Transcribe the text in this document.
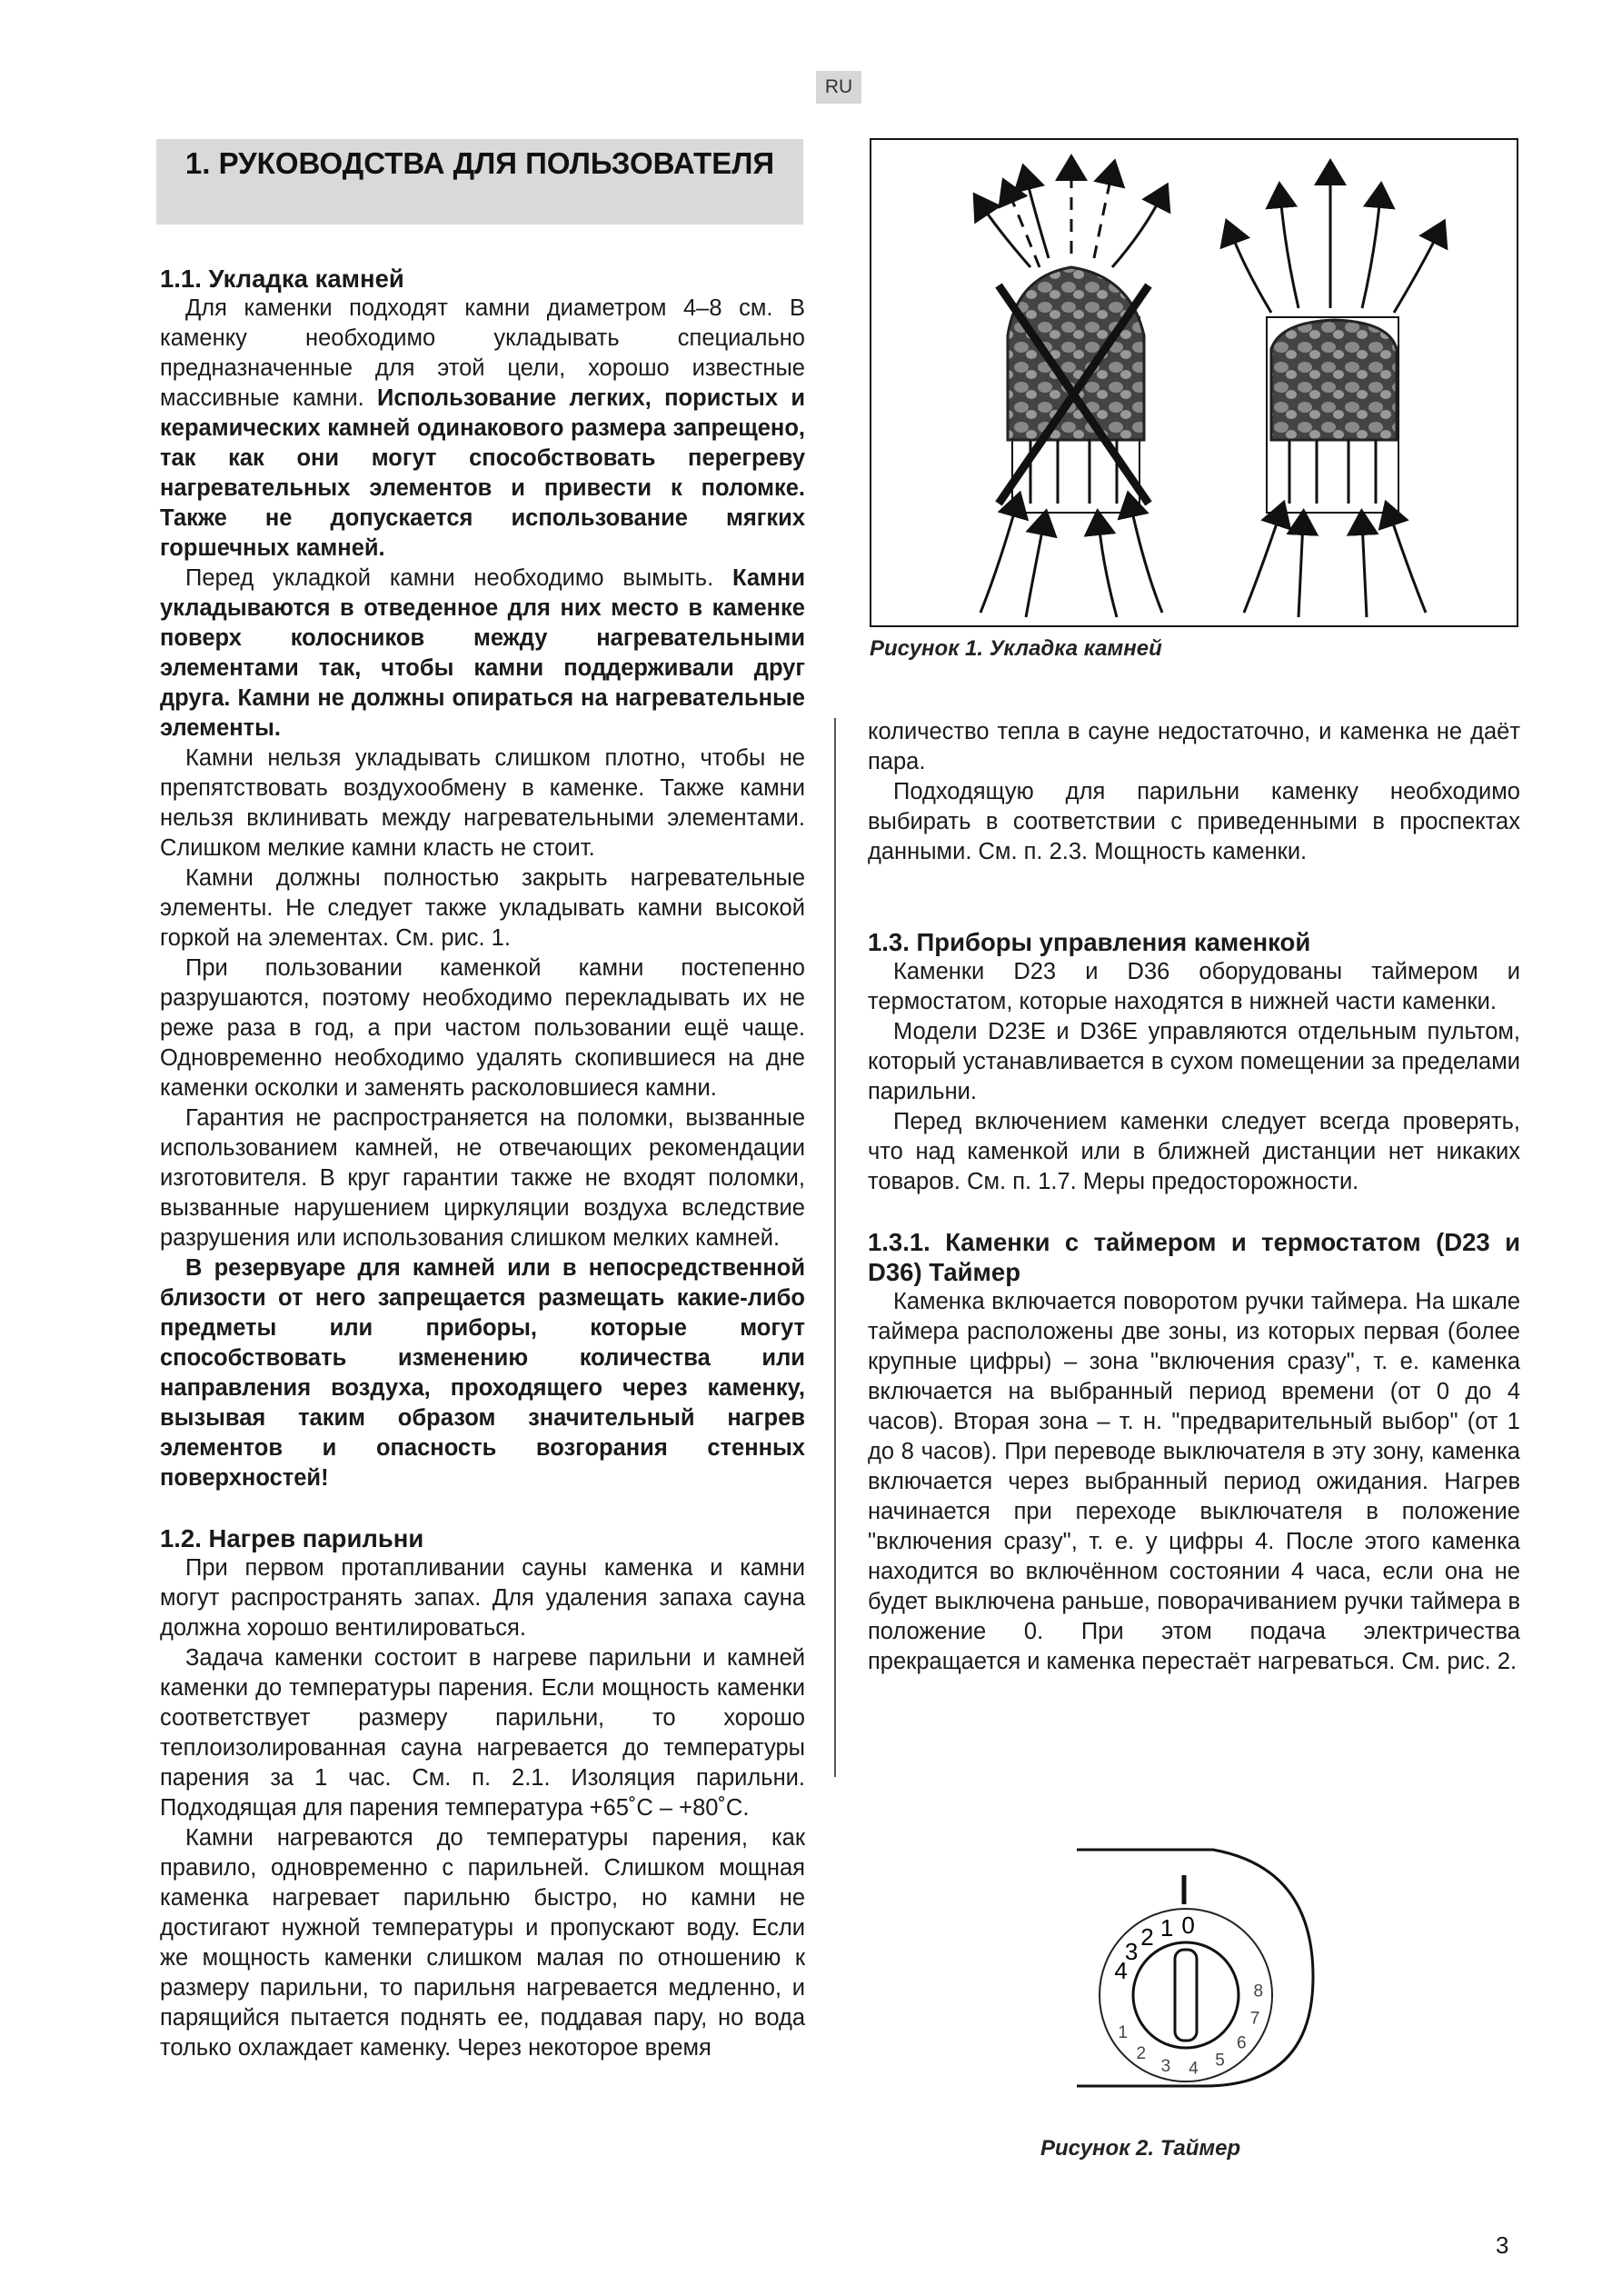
RU
1. РУКОВОДСТВА ДЛЯ ПОЛЬЗОВАТЕЛЯ
1.1. Укладка камней

Для каменки подходят камни диаметром 4–8 см. В каменку необходимо укладывать специально предназначенные для этой цели, хорошо известные массивные камни. Использование легких, пористых и керамических камней одинакового размера запрещено, так как они могут способствовать перегреву нагревательных элементов и привести к поломке. Также не допускается использование мягких горшечных камней.

Перед укладкой камни необходимо вымыть. Камни укладываются в отведенное для них место в каменке поверх колосников между нагревательными элементами так, чтобы камни поддерживали друг друга. Камни не должны опираться на нагревательные элементы.

Камни нельзя укладывать слишком плотно, чтобы не препятствовать воздухообмену в каменке. Также камни нельзя вклинивать между нагревательными элементами. Слишком мелкие камни класть не стоит.

Камни должны полностью закрыть нагревательные элементы. Не следует также укладывать камни высокой горкой на элементах. См. рис. 1.

При пользовании каменкой камни постепенно разрушаются, поэтому необходимо перекладывать их не реже раза в год, а при частом пользовании ещё чаще. Одновременно необходимо удалять скопившиеся на дне каменки осколки и заменять расколовшиеся камни.

Гарантия не распространяется на поломки, вызванные использованием камней, не отвечающих рекомендации изготовителя. В круг гарантии также не входят поломки, вызванные нарушением циркуляции воздуха вследствие разрушения или использования слишком мелких камней.

В резервуаре для камней или в непосредственной близости от него запрещается размещать какие-либо предметы или приборы, которые могут способствовать изменению количества или направления воздуха, проходящего через каменку, вызывая таким образом значительный нагрев элементов и опасность возгорания стенных поверхностей!

1.2. Нагрев парильни

При первом протапливании сауны каменка и камни могут распространять запах. Для удаления запаха сауна должна хорошо вентилироваться.

Задача каменки состоит в нагреве парильни и камней каменки до температуры парения. Если мощность каменки соответствует размеру парильни, то хорошо теплоизолированная сауна нагревается до температуры парения за 1 час. См. п. 2.1. Изоляция парильни. Подходящая для парения температура +65˚C – +80˚C.

Камни нагреваются до температуры парения, как правило, одновременно с парильней. Слишком мощная каменка нагревает парильню быстро, но камни не достигают нужной температуры и пропускают воду. Если же мощность каменки слишком малая по отношению к размеру парильни, то парильня нагревается медленно, и парящийся пытается поднять ее, поддавая пару, но вода только охлаждает каменку. Через некоторое время

Рисунок 1. Укладка камней

количество тепла в сауне недостаточно, и каменка не даёт пара.

Подходящую для парильни каменку необходимо выбирать в соответствии с приведенными в проспектах данными. См. п. 2.3. Мощность каменки.

1.3. Приборы управления каменкой

Каменки D23 и D36 оборудованы таймером и термостатом, которые находятся в нижней части каменки.

Модели D23E и D36E управляются отдельным пультом, который устанавливается в сухом помещении за пределами парильни.

Перед включением каменки следует всегда проверять, что над каменкой или в ближней дистанции нет никаких товаров. См. п. 1.7. Меры предосторожности.

1.3.1. Каменки с таймером и термостатом (D23 и D36) Таймер

Каменка включается поворотом ручки таймера. На шкале таймера расположены две зоны, из которых первая (более крупные цифры) – зона "включения сразу", т. е. каменка включается на выбранный период времени (от 0 до 4 часов). Вторая зона – т. н. "предварительный выбор" (от 1 до 8 часов). При переводе выключателя в эту зону, каменка включается через выбранный период ожидания. Нагрев начинается при переходе выключателя в положение "включения сразу", т. е. у цифры 4. После этого каменка находится во включённом состоянии 4 часа, если она не будет выключена раньше, поворачиванием ручки таймера в положение 0. При этом подача электричества прекращается и каменка перестаёт нагреваться. См. рис. 2.

4
3
2 1 0
1
2
3 4 5
6
7
8
Рисунок 2. Таймер
3
